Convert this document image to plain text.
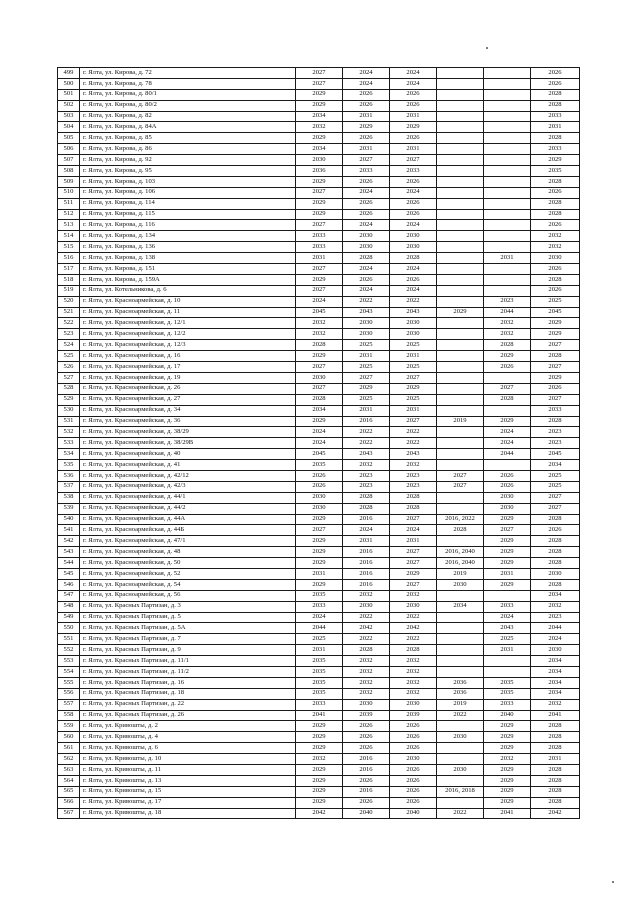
499	г. Ялта, ул. Кирова, д. 72	2027	2024	2024			2026
500	г. Ялта, ул. Кирова, д. 78	2027	2024	2024			2026
501	г. Ялта, ул. Кирова, д. 80/1	2029	2026	2026			2028
502	г. Ялта, ул. Кирова, д. 80/2	2029	2026	2026			2028
503	г. Ялта, ул. Кирова, д. 82	2034	2031	2031			2033
504	г. Ялта, ул. Кирова, д. 84А	2032	2029	2029			2031
505	г. Ялта, ул. Кирова, д. 85	2029	2026	2026			2028
506	г. Ялта, ул. Кирова, д. 86	2034	2031	2031			2033
507	г. Ялта, ул. Кирова, д. 92	2030	2027	2027			2029
508	г. Ялта, ул. Кирова, д. 95	2036	2033	2033			2035
509	г. Ялта, ул. Кирова, д. 103	2029	2026	2026			2028
510	г. Ялта, ул. Кирова, д. 106	2027	2024	2024			2026
511	г. Ялта, ул. Кирова, д. 114	2029	2026	2026			2028
512	г. Ялта, ул. Кирова, д. 115	2029	2026	2026			2028
513	г. Ялта, ул. Кирова, д. 116	2027	2024	2024			2026
514	г. Ялта, ул. Кирова, д. 134	2033	2030	2030			2032
515	г. Ялта, ул. Кирова, д. 136	2033	2030	2030			2032
516	г. Ялта, ул. Кирова, д. 138	2031	2028	2028		2031	2030
517	г. Ялта, ул. Кирова, д. 151	2027	2024	2024			2026
518	г. Ялта, ул. Кирова, д. 159А	2029	2026	2026			2028
519	г. Ялта, ул. Котельникова, д. 6	2027	2024	2024			2026
520	г. Ялта, ул. Красноармейская, д. 10	2024	2022	2022		2023	2025
521	г. Ялта, ул. Красноармейская, д. 11	2045	2043	2043	2029	2044	2045
522	г. Ялта, ул. Красноармейская, д. 12/1	2032	2030	2030		2032	2029
523	г. Ялта, ул. Красноармейская, д. 12/2	2032	2030	2030		2032	2029
524	г. Ялта, ул. Красноармейская, д. 12/3	2028	2025	2025		2028	2027
525	г. Ялта, ул. Красноармейская, д. 16	2029	2031	2031		2029	2028
526	г. Ялта, ул. Красноармейская, д. 17	2027	2025	2025		2026	2027
527	г. Ялта, ул. Красноармейская, д. 19	2030	2027	2027			2029
528	г. Ялта, ул. Красноармейская, д. 26	2027	2029	2029		2027	2026
529	г. Ялта, ул. Красноармейская, д. 27	2028	2025	2025		2028	2027
530	г. Ялта, ул. Красноармейская, д. 34	2034	2031	2031			2033
531	г. Ялта, ул. Красноармейская, д. 36	2029	2016	2027	2019	2029	2028
532	г. Ялта, ул. Красноармейская, д. 38/29	2024	2022	2022		2024	2023
533	г. Ялта, ул. Красноармейская, д. 38/29В	2024	2022	2022		2024	2023
534	г. Ялта, ул. Красноармейская, д. 40	2045	2043	2043		2044	2045
535	г. Ялта, ул. Красноармейская, д. 41	2035	2032	2032			2034
536	г. Ялта, ул. Красноармейская, д. 42/12	2026	2023	2023	2027	2026	2025
537	г. Ялта, ул. Красноармейская, д. 42/3	2026	2023	2023	2027	2026	2025
538	г. Ялта, ул. Красноармейская, д. 44/1	2030	2028	2028		2030	2027
539	г. Ялта, ул. Красноармейская, д. 44/2	2030	2028	2028		2030	2027
540	г. Ялта, ул. Красноармейская, д. 44А	2029	2016	2027	2016, 2022	2029	2028
541	г. Ялта, ул. Красноармейская, д. 44Б	2027	2024	2024	2028	2027	2026
542	г. Ялта, ул. Красноармейская, д. 47/1	2029	2031	2031		2029	2028
543	г. Ялта, ул. Красноармейская, д. 48	2029	2016	2027	2016, 2040	2029	2028
544	г. Ялта, ул. Красноармейская, д. 50	2029	2016	2027	2016, 2040	2029	2028
545	г. Ялта, ул. Красноармейская, д. 52	2031	2016	2029	2019	2031	2030
546	г. Ялта, ул. Красноармейская, д. 54	2029	2016	2027	2030	2029	2028
547	г. Ялта, ул. Красноармейская, д. 56	2035	2032	2032			2034
548	г. Ялта, ул. Красных Партизан, д. 3	2033	2030	2030	2034	2033	2032
549	г. Ялта, ул. Красных Партизан, д. 5	2024	2022	2022		2024	2023
550	г. Ялта, ул. Красных Партизан, д. 5А	2044	2042	2042		2043	2044
551	г. Ялта, ул. Красных Партизан, д. 7	2025	2022	2022		2025	2024
552	г. Ялта, ул. Красных Партизан, д. 9	2031	2028	2028		2031	2030
553	г. Ялта, ул. Красных Партизан, д. 11/1	2035	2032	2032			2034
554	г. Ялта, ул. Красных Партизан, д. 11/2	2035	2032	2032			2034
555	г. Ялта, ул. Красных Партизан, д. 16	2035	2032	2032	2036	2035	2034
556	г. Ялта, ул. Красных Партизан, д. 18	2035	2032	2032	2036	2035	2034
557	г. Ялта, ул. Красных Партизан, д. 22	2033	2030	2030	2019	2033	2032
558	г. Ялта, ул. Красных Партизан, д. 26	2041	2039	2039	2022	2040	2041
559	г. Ялта, ул. Кривошты, д. 2	2029	2026	2026		2029	2028
560	г. Ялта, ул. Кривошты, д. 4	2029	2026	2026	2030	2029	2028
561	г. Ялта, ул. Кривошты, д. 6	2029	2026	2026		2029	2028
562	г. Ялта, ул. Кривошты, д. 10	2032	2016	2030		2032	2031
563	г. Ялта, ул. Кривошты, д. 11	2029	2016	2026	2030	2029	2028
564	г. Ялта, ул. Кривошты, д. 13	2029	2026	2026		2029	2028
565	г. Ялта, ул. Кривошты, д. 15	2029	2016	2026	2016, 2018	2029	2028
566	г. Ялта, ул. Кривошты, д. 17	2029	2026	2026		2029	2028
567	г. Ялта, ул. Кривошты, д. 18	2042	2040	2040	2022	2041	2042
